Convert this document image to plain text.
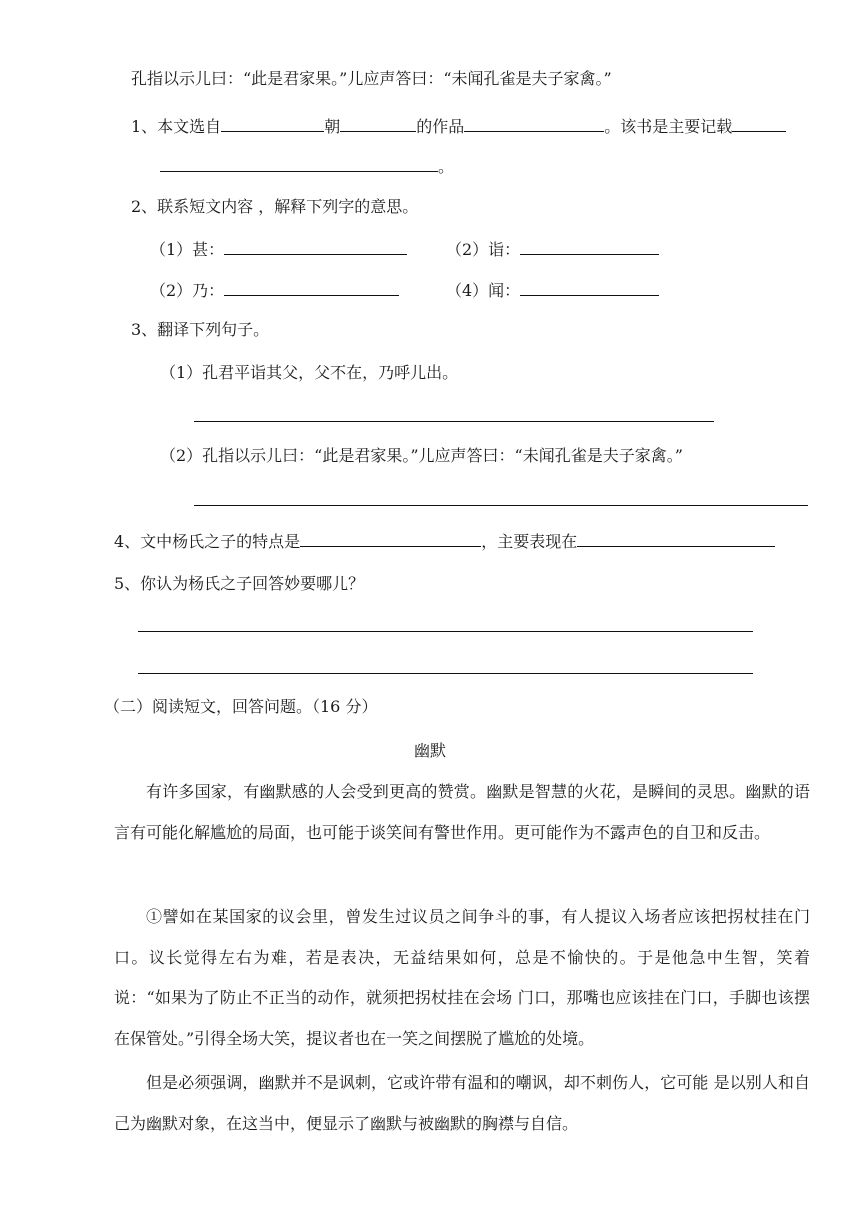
孔指以示儿曰：“此是君家果。”儿应声答曰：“未闻孔雀是夫子家禽。”
1、本文选自	朝	的作品	。该书是主要记载
。
2、联系短文内容 ，解释下列字的意思。
（1）甚：	（2）诣：
（2）乃：	（4）闻：
3、翻译下列句子。
（1）孔君平诣其父，父不在，乃呼儿出。
（2）孔指以示儿曰：“此是君家果。”儿应声答曰：“未闻孔雀是夫子家禽。”
4、文中杨氏之子的特点是	，主要表现在
5、你认为杨氏之子回答妙要哪儿？
（二）阅读短文，回答问题。（16 分）
幽默

有许多国家，有幽默感的人会受到更高的赞赏。幽默是智慧的火花，是瞬间的灵思。幽默的语言有可能化解尴尬的局面，也可能于谈笑间有警世作用。更可能作为不露声色的自卫和反击。

①譬如在某国家的议会里，曾发生过议员之间争斗的事，有人提议入场者应该把拐杖挂在门口。议长觉得左右为难，若是表决，无益结果如何，总是不愉快的。于是他急中生智，笑着说：“如果为了防止不正当的动作，就须把拐杖挂在会场 门口，那嘴也应该挂在门口，手脚也该摆在保管处。”引得全场大笑，提议者也在一笑之间摆脱了尴尬的处境。

但是必须强调，幽默并不是讽刺，它或许带有温和的嘲讽，却不刺伤人，它可能 是以别人和自己为幽默对象，在这当中，便显示了幽默与被幽默的胸襟与自信。
